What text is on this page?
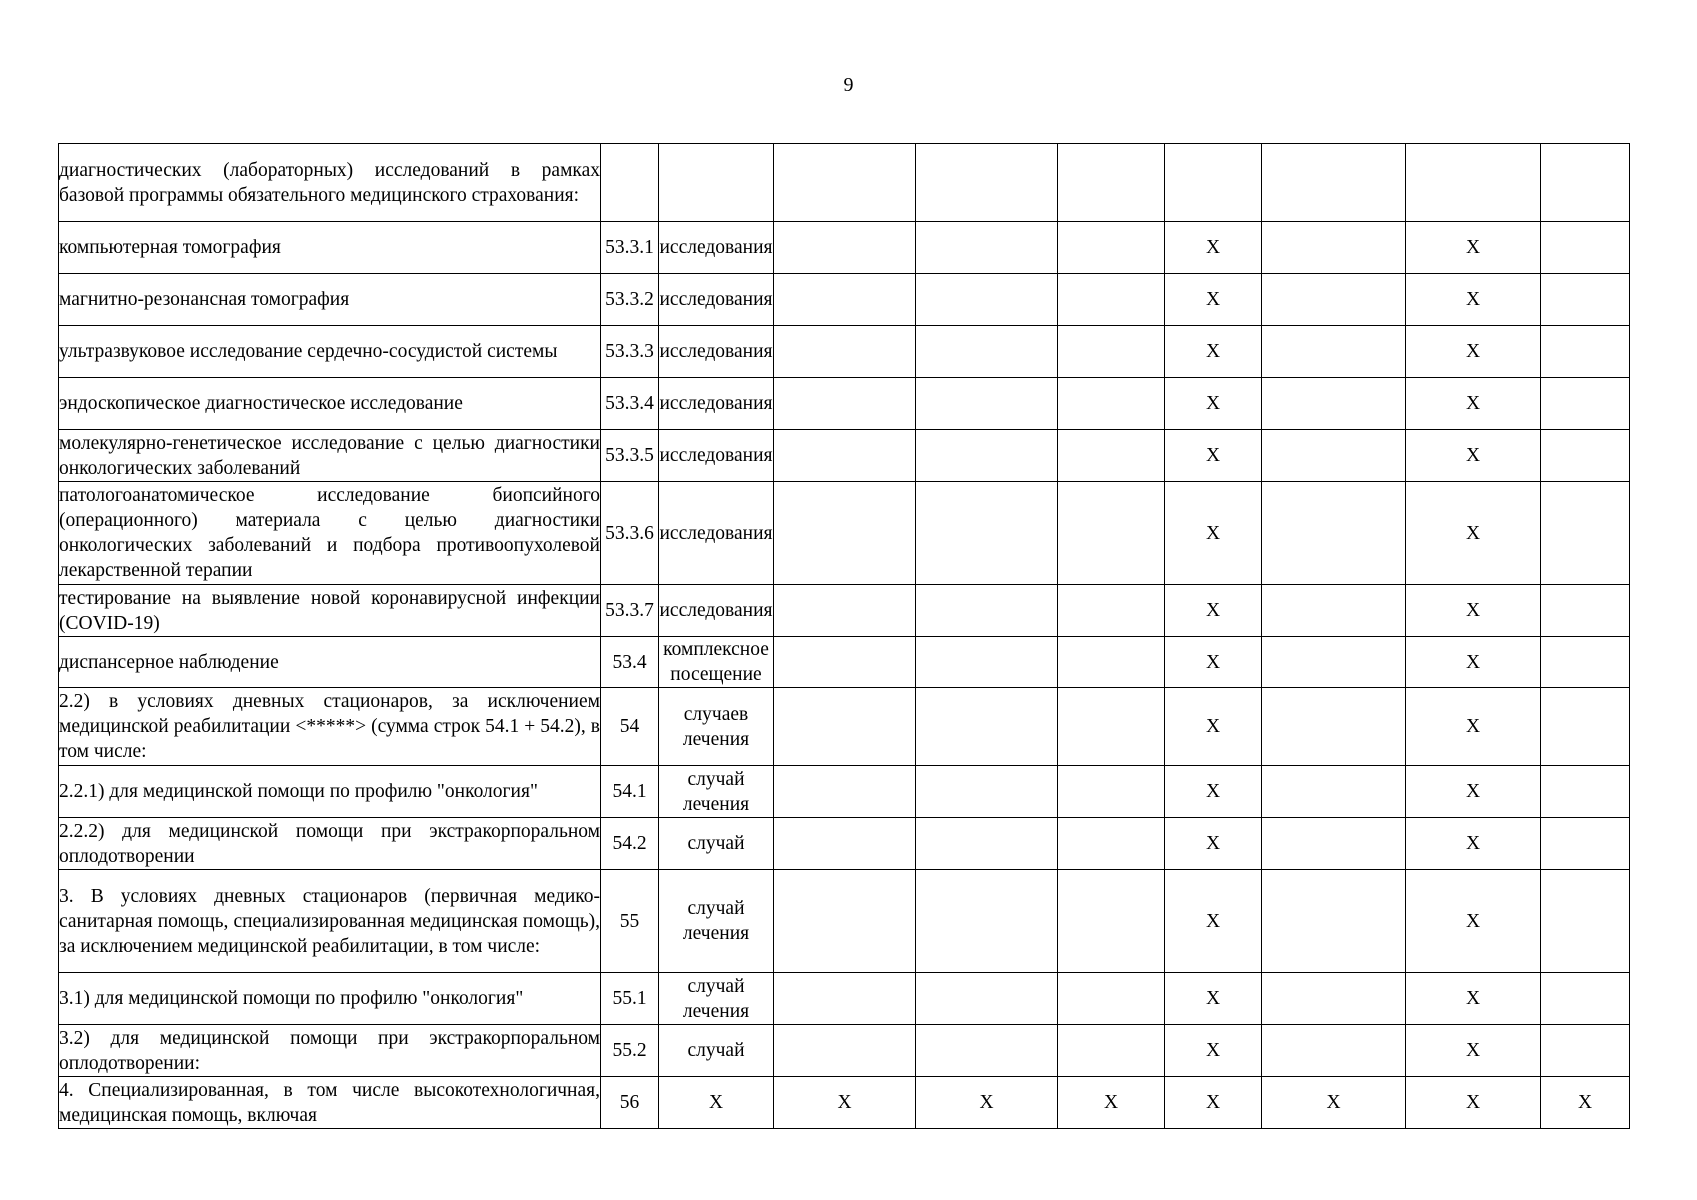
9
диагностических (лабораторных) исследований в рамках базовой программы обязательного медицинского страхования:									
компьютерная томография	53.3.1	исследования				X		X	
магнитно-резонансная томография	53.3.2	исследования				X		X	
ультразвуковое исследование сердечно-сосудистой системы	53.3.3	исследования				X		X	
эндоскопическое диагностическое исследование	53.3.4	исследования				X		X	
молекулярно-генетическое исследование с целью диагностики онкологических заболеваний	53.3.5	исследования				X		X	
патологоанатомическое исследование биопсийного (операционного) материала с целью диагностики онкологических заболеваний и подбора противоопухолевой лекарственной терапии	53.3.6	исследования				X		X	
тестирование на выявление новой коронавирусной инфекции (COVID-19)	53.3.7	исследования				X		X	
диспансерное наблюдение	53.4	комплексное посещение				X		X	
2.2) в условиях дневных стационаров, за исключением медицинской реабилитации <*****> (сумма строк 54.1 + 54.2), в том числе:	54	случаев лечения				X		X	
2.2.1) для медицинской помощи по профилю "онкология"	54.1	случай лечения				X		X	
2.2.2) для медицинской помощи при экстракорпоральном оплодотворении	54.2	случай				X		X	
3. В условиях дневных стационаров (первичная медико-санитарная помощь, специализированная медицинская помощь), за исключением медицинской реабилитации, в том числе:	55	случай лечения				X		X	
3.1) для медицинской помощи по профилю "онкология"	55.1	случай лечения				X		X	
3.2) для медицинской помощи при экстракорпоральном оплодотворении:	55.2	случай				X		X	
4. Специализированная, в том числе высокотехнологичная, медицинская помощь, включая	56	X	X	X	X	X	X	X	X
